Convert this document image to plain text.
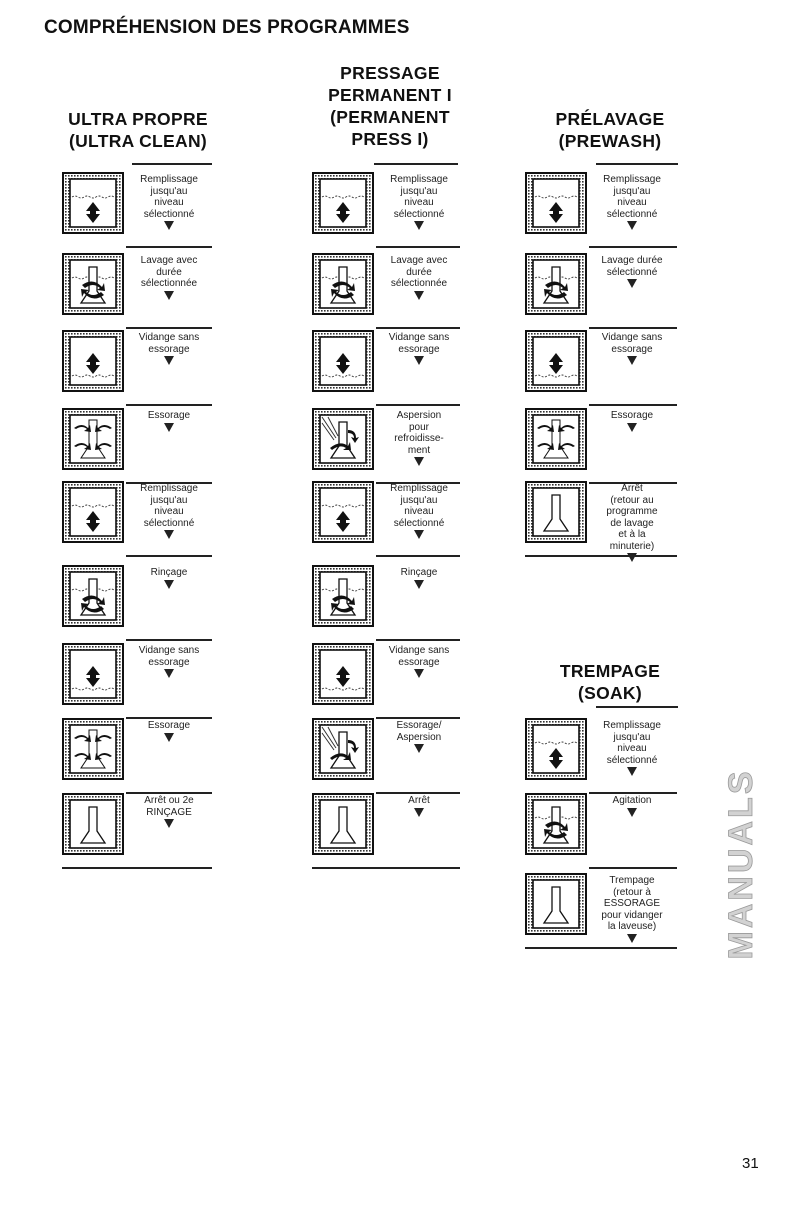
COMPRÉHENSION DES PROGRAMMES
ULTRA PROPRE
(ULTRA CLEAN)
PRESSAGE
PERMANENT I
(PERMANENT
PRESS I)
PRÉLAVAGE
(PREWASH)
TREMPAGE
(SOAK)
Remplissage
jusqu'au
niveau
sélectionné
Lavage avec
durée
sélectionnée
Vidange sans
essorage
Essorage
Remplissage
jusqu'au
niveau
sélectionné
Rinçage
Vidange sans
essorage
Essorage
Arrêt ou 2e
RINÇAGE
Remplissage
jusqu'au
niveau
sélectionné
Lavage avec
durée
sélectionnée
Vidange sans
essorage
Aspersion
pour
refroidisse-
ment
Remplissage
jusqu'au
niveau
sélectionné
Rinçage
Vidange sans
essorage
Essorage/
Aspersion
Arrêt
Remplissage
jusqu'au
niveau
sélectionné
Lavage durée
sélectionné
Vidange sans
essorage
Essorage
Arrêt
(retour au
programme
de lavage
et à la
minuterie)
Remplissage
jusqu'au
niveau
sélectionné
Agitation
Trempage
(retour à
ESSORAGE
pour vidanger
la laveuse)	MANUALS
31
